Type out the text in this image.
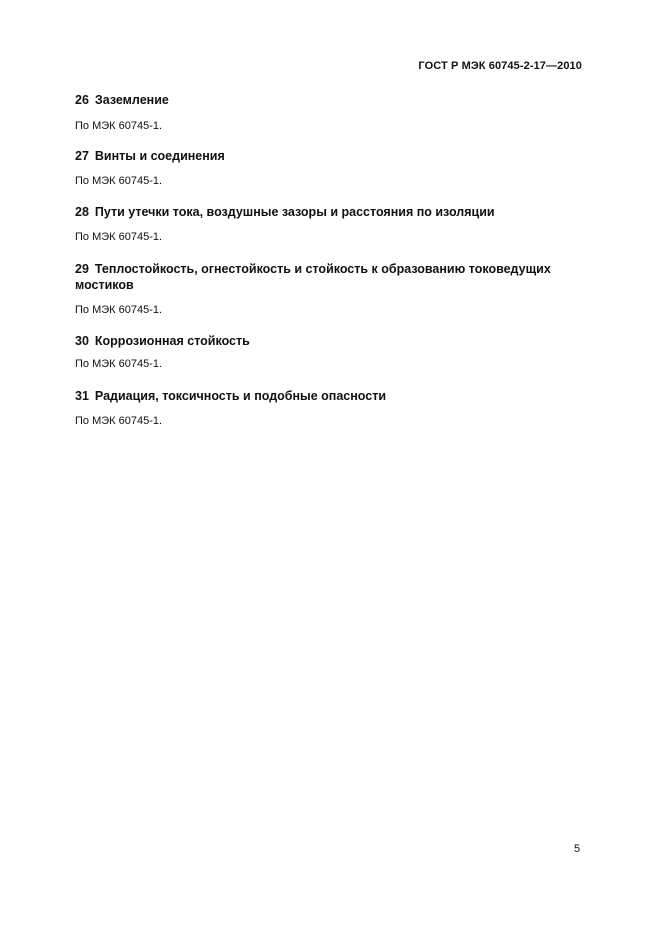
ГОСТ Р МЭК 60745-2-17—2010
26 Заземление
По МЭК 60745-1.
27 Винты и соединения
По МЭК 60745-1.
28 Пути утечки тока, воздушные зазоры и расстояния по изоляции
По МЭК 60745-1.
29 Теплостойкость, огнестойкость и стойкость к образованию токоведущих мостиков
По МЭК 60745-1.
30 Коррозионная стойкость
По МЭК 60745-1.
31 Радиация, токсичность и подобные опасности
По МЭК 60745-1.
5
